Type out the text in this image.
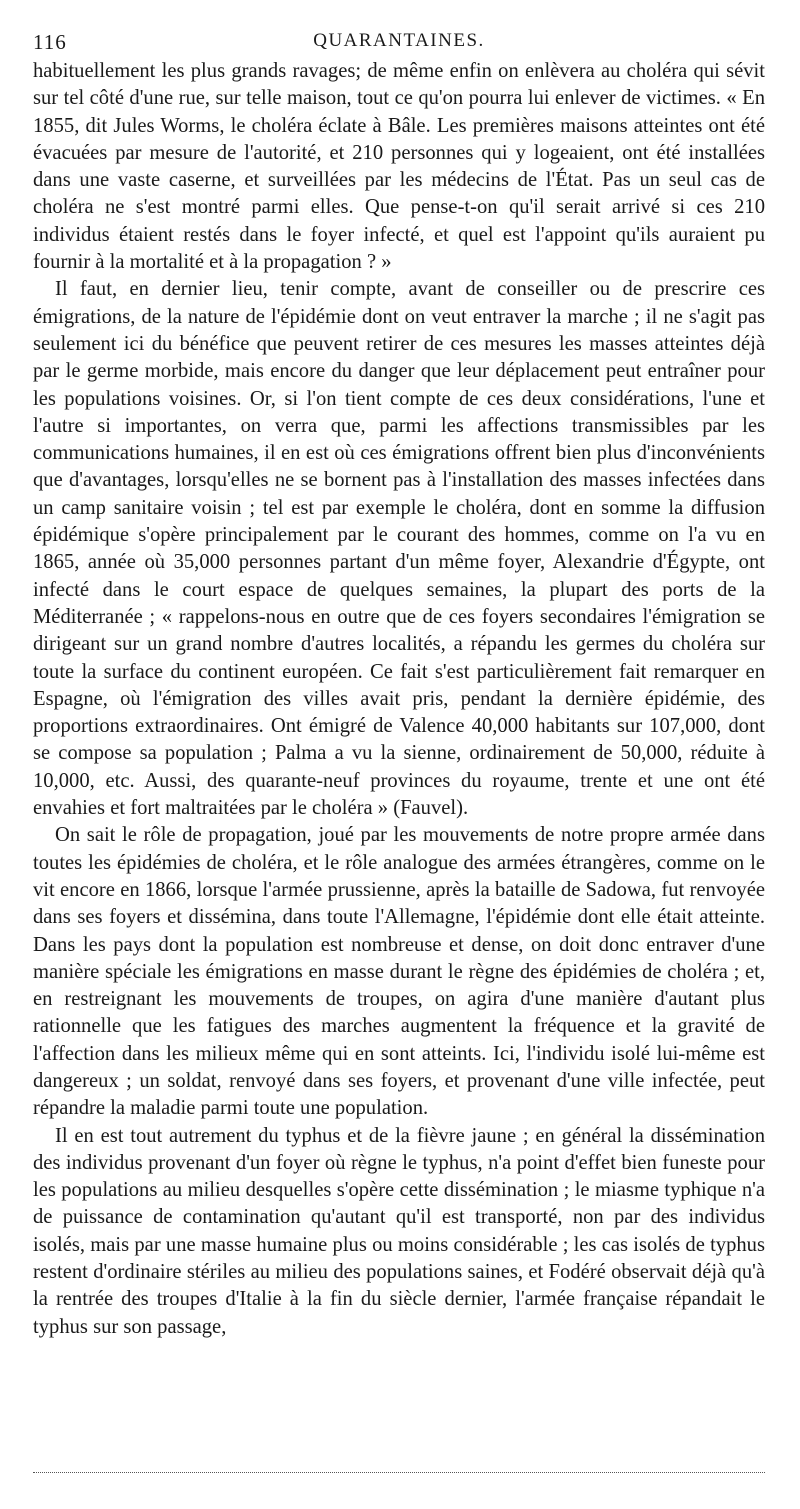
116	QUARANTAINES.

habituellement les plus grands ravages; de même enfin on enlèvera au choléra qui sévit sur tel côté d'une rue, sur telle maison, tout ce qu'on pourra lui enlever de victimes. « En 1855, dit Jules Worms, le choléra éclate à Bâle. Les premières maisons atteintes ont été évacuées par mesure de l'autorité, et 210 personnes qui y logeaient, ont été installées dans une vaste caserne, et surveillées par les médecins de l'État. Pas un seul cas de choléra ne s'est montré parmi elles. Que pense-t-on qu'il serait arrivé si ces 210 individus étaient restés dans le foyer infecté, et quel est l'appoint qu'ils auraient pu fournir à la mortalité et à la propagation ? »

Il faut, en dernier lieu, tenir compte, avant de conseiller ou de prescrire ces émigrations, de la nature de l'épidémie dont on veut entraver la marche ; il ne s'agit pas seulement ici du bénéfice que peuvent retirer de ces mesures les masses atteintes déjà par le germe morbide, mais encore du danger que leur déplacement peut entraîner pour les populations voisines. Or, si l'on tient compte de ces deux considérations, l'une et l'autre si importantes, on verra que, parmi les affections transmissibles par les communications humaines, il en est où ces émigrations offrent bien plus d'inconvénients que d'avantages, lorsqu'elles ne se bornent pas à l'installation des masses infectées dans un camp sanitaire voisin ; tel est par exemple le choléra, dont en somme la diffusion épidémique s'opère principalement par le courant des hommes, comme on l'a vu en 1865, année où 35,000 personnes partant d'un même foyer, Alexandrie d'Égypte, ont infecté dans le court espace de quelques semaines, la plupart des ports de la Méditerranée ; « rappelons-nous en outre que de ces foyers secondaires l'émigration se dirigeant sur un grand nombre d'autres localités, a répandu les germes du choléra sur toute la surface du continent européen. Ce fait s'est particulièrement fait remarquer en Espagne, où l'émigration des villes avait pris, pendant la dernière épidémie, des proportions extraordinaires. Ont émigré de Valence 40,000 habitants sur 107,000, dont se compose sa population ; Palma a vu la sienne, ordinairement de 50,000, réduite à 10,000, etc. Aussi, des quarante-neuf provinces du royaume, trente et une ont été envahies et fort maltraitées par le choléra » (Fauvel).

On sait le rôle de propagation, joué par les mouvements de notre propre armée dans toutes les épidémies de choléra, et le rôle analogue des armées étrangères, comme on le vit encore en 1866, lorsque l'armée prussienne, après la bataille de Sadowa, fut renvoyée dans ses foyers et dissémina, dans toute l'Allemagne, l'épidémie dont elle était atteinte. Dans les pays dont la population est nombreuse et dense, on doit donc entraver d'une manière spéciale les émigrations en masse durant le règne des épidémies de choléra ; et, en restreignant les mouvements de troupes, on agira d'une manière d'autant plus rationnelle que les fatigues des marches augmentent la fréquence et la gravité de l'affection dans les milieux même qui en sont atteints. Ici, l'individu isolé lui-même est dangereux ; un soldat, renvoyé dans ses foyers, et provenant d'une ville infectée, peut répandre la maladie parmi toute une population.

Il en est tout autrement du typhus et de la fièvre jaune ; en général la dissémination des individus provenant d'un foyer où règne le typhus, n'a point d'effet bien funeste pour les populations au milieu desquelles s'opère cette dissémination ; le miasme typhique n'a de puissance de contamination qu'autant qu'il est transporté, non par des individus isolés, mais par une masse humaine plus ou moins considérable ; les cas isolés de typhus restent d'ordinaire stériles au milieu des populations saines, et Fodéré observait déjà qu'à la rentrée des troupes d'Italie à la fin du siècle dernier, l'armée française répandait le typhus sur son passage,
